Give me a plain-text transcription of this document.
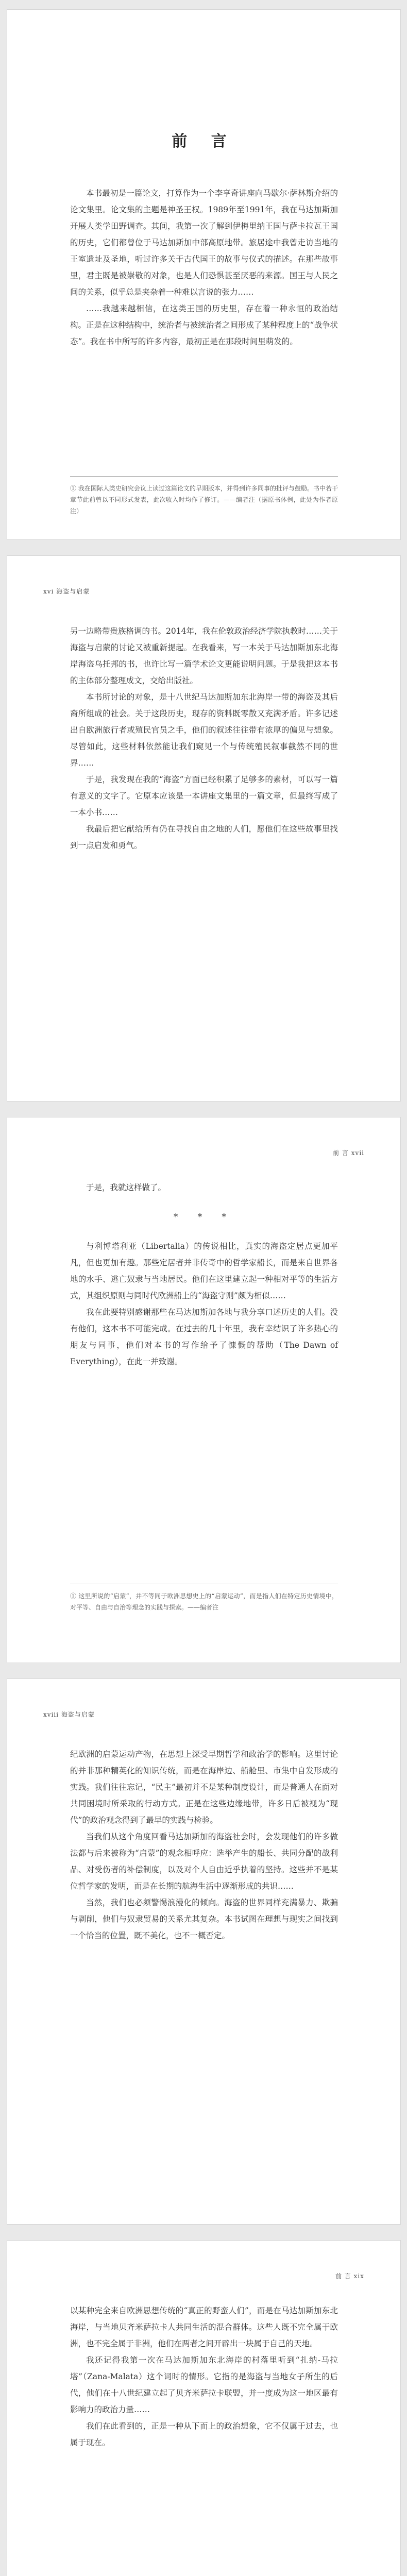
前 言

本书最初是一篇论文，打算作为一个李亨奇讲座向马歇尔·萨林斯介绍的论文集里。论文集的主题是神圣王权。1989年至1991年，我在马达加斯加开展人类学田野调查。其间，我第一次了解到伊梅里纳王国与萨卡拉瓦王国的历史，它们都曾位于马达加斯加中部高原地带。旅居途中我曾走访当地的王室遗址及圣地，听过许多关于古代国王的故事与仪式的描述。在那些故事里，君主既是被崇敬的对象，也是人们恐惧甚至厌恶的来源。国王与人民之间的关系，似乎总是夹杂着一种难以言说的张力……

……我越来越相信，在这类王国的历史里，存在着一种永恒的政治结构。正是在这种结构中，统治者与被统治者之间形成了某种程度上的“战争状态”。我在书中所写的许多内容，最初正是在那段时间里萌发的。

① 我在国际人类史研究会议上读过这篇论文的早期版本，并得到许多同事的批评与鼓励。书中若干章节此前曾以不同形式发表，此次收入时均作了修订。——编者注（据原书体例，此处为作者原注）

xvi 海盗与启蒙

另一边略带贵族格调的书。2014年，我在伦敦政治经济学院执教时……关于海盗与启蒙的讨论又被重新提起。在我看来，写一本关于马达加斯加东北海岸海盗乌托邦的书，也许比写一篇学术论文更能说明问题。于是我把这本书的主体部分整理成文，交给出版社。

本书所讨论的对象，是十八世纪马达加斯加东北海岸一带的海盗及其后裔所组成的社会。关于这段历史，现存的资料既零散又充满矛盾。许多记述出自欧洲旅行者或殖民官员之手，他们的叙述往往带有浓厚的偏见与想象。尽管如此，这些材料依然能让我们窥见一个与传统殖民叙事截然不同的世界……

于是，我发现在我的“海盗”方面已经积累了足够多的素材，可以写一篇有意义的文字了。它原本应该是一本讲座文集里的一篇文章，但最终写成了一本小书……

我最后把它献给所有仍在寻找自由之地的人们，愿他们在这些故事里找到一点启发和勇气。

前 言 xvii

于是，我就这样做了。

* * *

与利博塔利亚（Libertalia）的传说相比，真实的海盗定居点更加平凡，但也更加有趣。那些定居者并非传奇中的哲学家船长，而是来自世界各地的水手、逃亡奴隶与当地居民。他们在这里建立起一种相对平等的生活方式，其组织原则与同时代欧洲船上的“海盗守则”颇为相似……

我在此要特别感谢那些在马达加斯加各地与我分享口述历史的人们。没有他们，这本书不可能完成。在过去的几十年里，我有幸结识了许多热心的朋友与同事，他们对本书的写作给予了慷慨的帮助（The Dawn of Everything），在此一并致谢。

① 这里所说的“启蒙”，并不等同于欧洲思想史上的“启蒙运动”，而是指人们在特定历史情境中，对平等、自由与自治等理念的实践与探索。——编者注

xviii 海盗与启蒙

纪欧洲的启蒙运动产物，在思想上深受早期哲学和政治学的影响。这里讨论的并非那种精英化的知识传统，而是在海岸边、船舱里、市集中自发形成的实践。我们往往忘记，“民主”最初并不是某种制度设计，而是普通人在面对共同困境时所采取的行动方式。正是在这些边缘地带，许多日后被视为“现代”的政治观念得到了最早的实践与检验。

当我们从这个角度回看马达加斯加的海盗社会时，会发现他们的许多做法都与后来被称为“启蒙”的观念相呼应：选举产生的船长、共同分配的战利品、对受伤者的补偿制度，以及对个人自由近乎执着的坚持。这些并不是某位哲学家的发明，而是在长期的航海生活中逐渐形成的共识……

当然，我们也必须警惕浪漫化的倾向。海盗的世界同样充满暴力、欺骗与剥削，他们与奴隶贸易的关系尤其复杂。本书试图在理想与现实之间找到一个恰当的位置，既不美化，也不一概否定。

前 言 xix

以某种完全来自欧洲思想传统的“真正的野蛮人们”，而是在马达加斯加东北海岸，与当地贝齐米萨拉卡人共同生活的混合群体。这些人既不完全属于欧洲，也不完全属于非洲，他们在两者之间开辟出一块属于自己的天地。

我还记得我第一次在马达加斯加东北海岸的村落里听到“扎纳-马拉塔”（Zana-Malata）这个词时的情形。它指的是海盗与当地女子所生的后代，他们在十八世纪建立起了贝齐米萨拉卡联盟，并一度成为这一地区最有影响力的政治力量……

我们在此看到的，正是一种从下而上的政治想象，它不仅属于过去，也属于现在。
